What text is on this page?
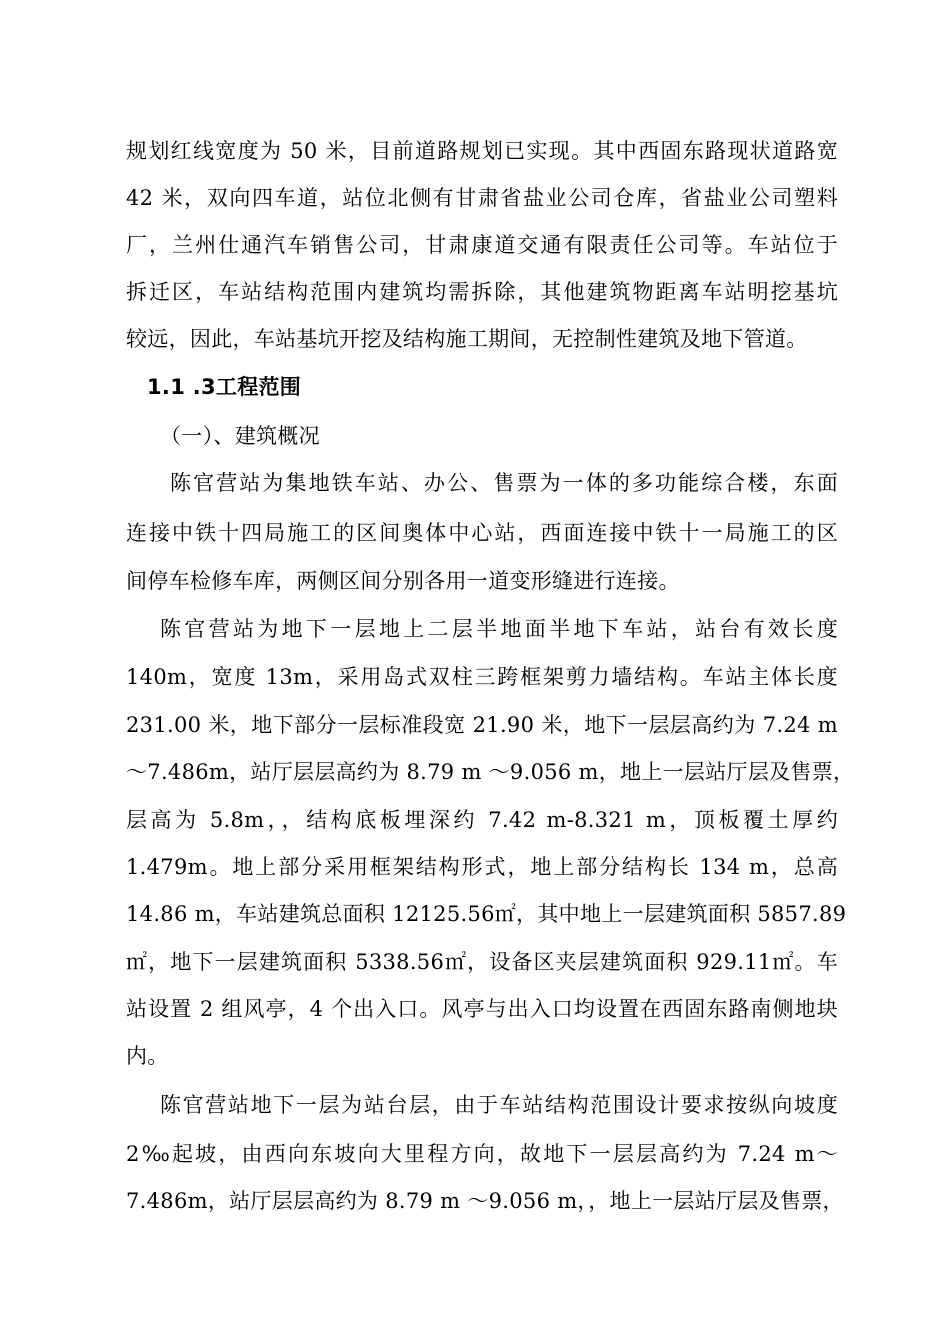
规划红线宽度为 50 米，目前道路规划已实现。其中西固东路现状道路宽
42 米，双向四车道，站位北侧有甘肃省盐业公司仓库，省盐业公司塑料
厂，兰州仕通汽车销售公司，甘肃康道交通有限责任公司等。车站位于
拆迁区，车站结构范围内建筑均需拆除，其他建筑物距离车站明挖基坑
较远，因此，车站基坑开挖及结构施工期间，无控制性建筑及地下管道。
1.1 .3工程范围
（一）、建筑概况
陈官营站为集地铁车站、办公、售票为一体的多功能综合楼，东面
连接中铁十四局施工的区间奥体中心站，西面连接中铁十一局施工的区
间停车检修车库，两侧区间分别各用一道变形缝进行连接。
陈官营站为地下一层地上二层半地面半地下车站，站台有效长度
140m，宽度 13m，采用岛式双柱三跨框架剪力墙结构。车站主体长度
231.00 米，地下部分一层标准段宽 21.90 米，地下一层层高约为 7.24 m
～7.486m，站厅层层高约为 8.79 m ～9.056 m，地上一层站厅层及售票，
层高为 5.8m，，结构底板埋深约 7.42 m-8.321 m，顶板覆土厚约
1.479m。地上部分采用框架结构形式，地上部分结构长 134 m，总高
14.86 m，车站建筑总面积 12125.56㎡，其中地上一层建筑面积 5857.89
㎡，地下一层建筑面积 5338.56㎡，设备区夹层建筑面积 929.11㎡。车
站设置 2 组风亭，4 个出入口。风亭与出入口均设置在西固东路南侧地块
内。
陈官营站地下一层为站台层，由于车站结构范围设计要求按纵向坡度
2‰起坡，由西向东坡向大里程方向，故地下一层层高约为 7.24 m～
7.486m，站厅层层高约为 8.79 m ～9.056 m，，地上一层站厅层及售票，
